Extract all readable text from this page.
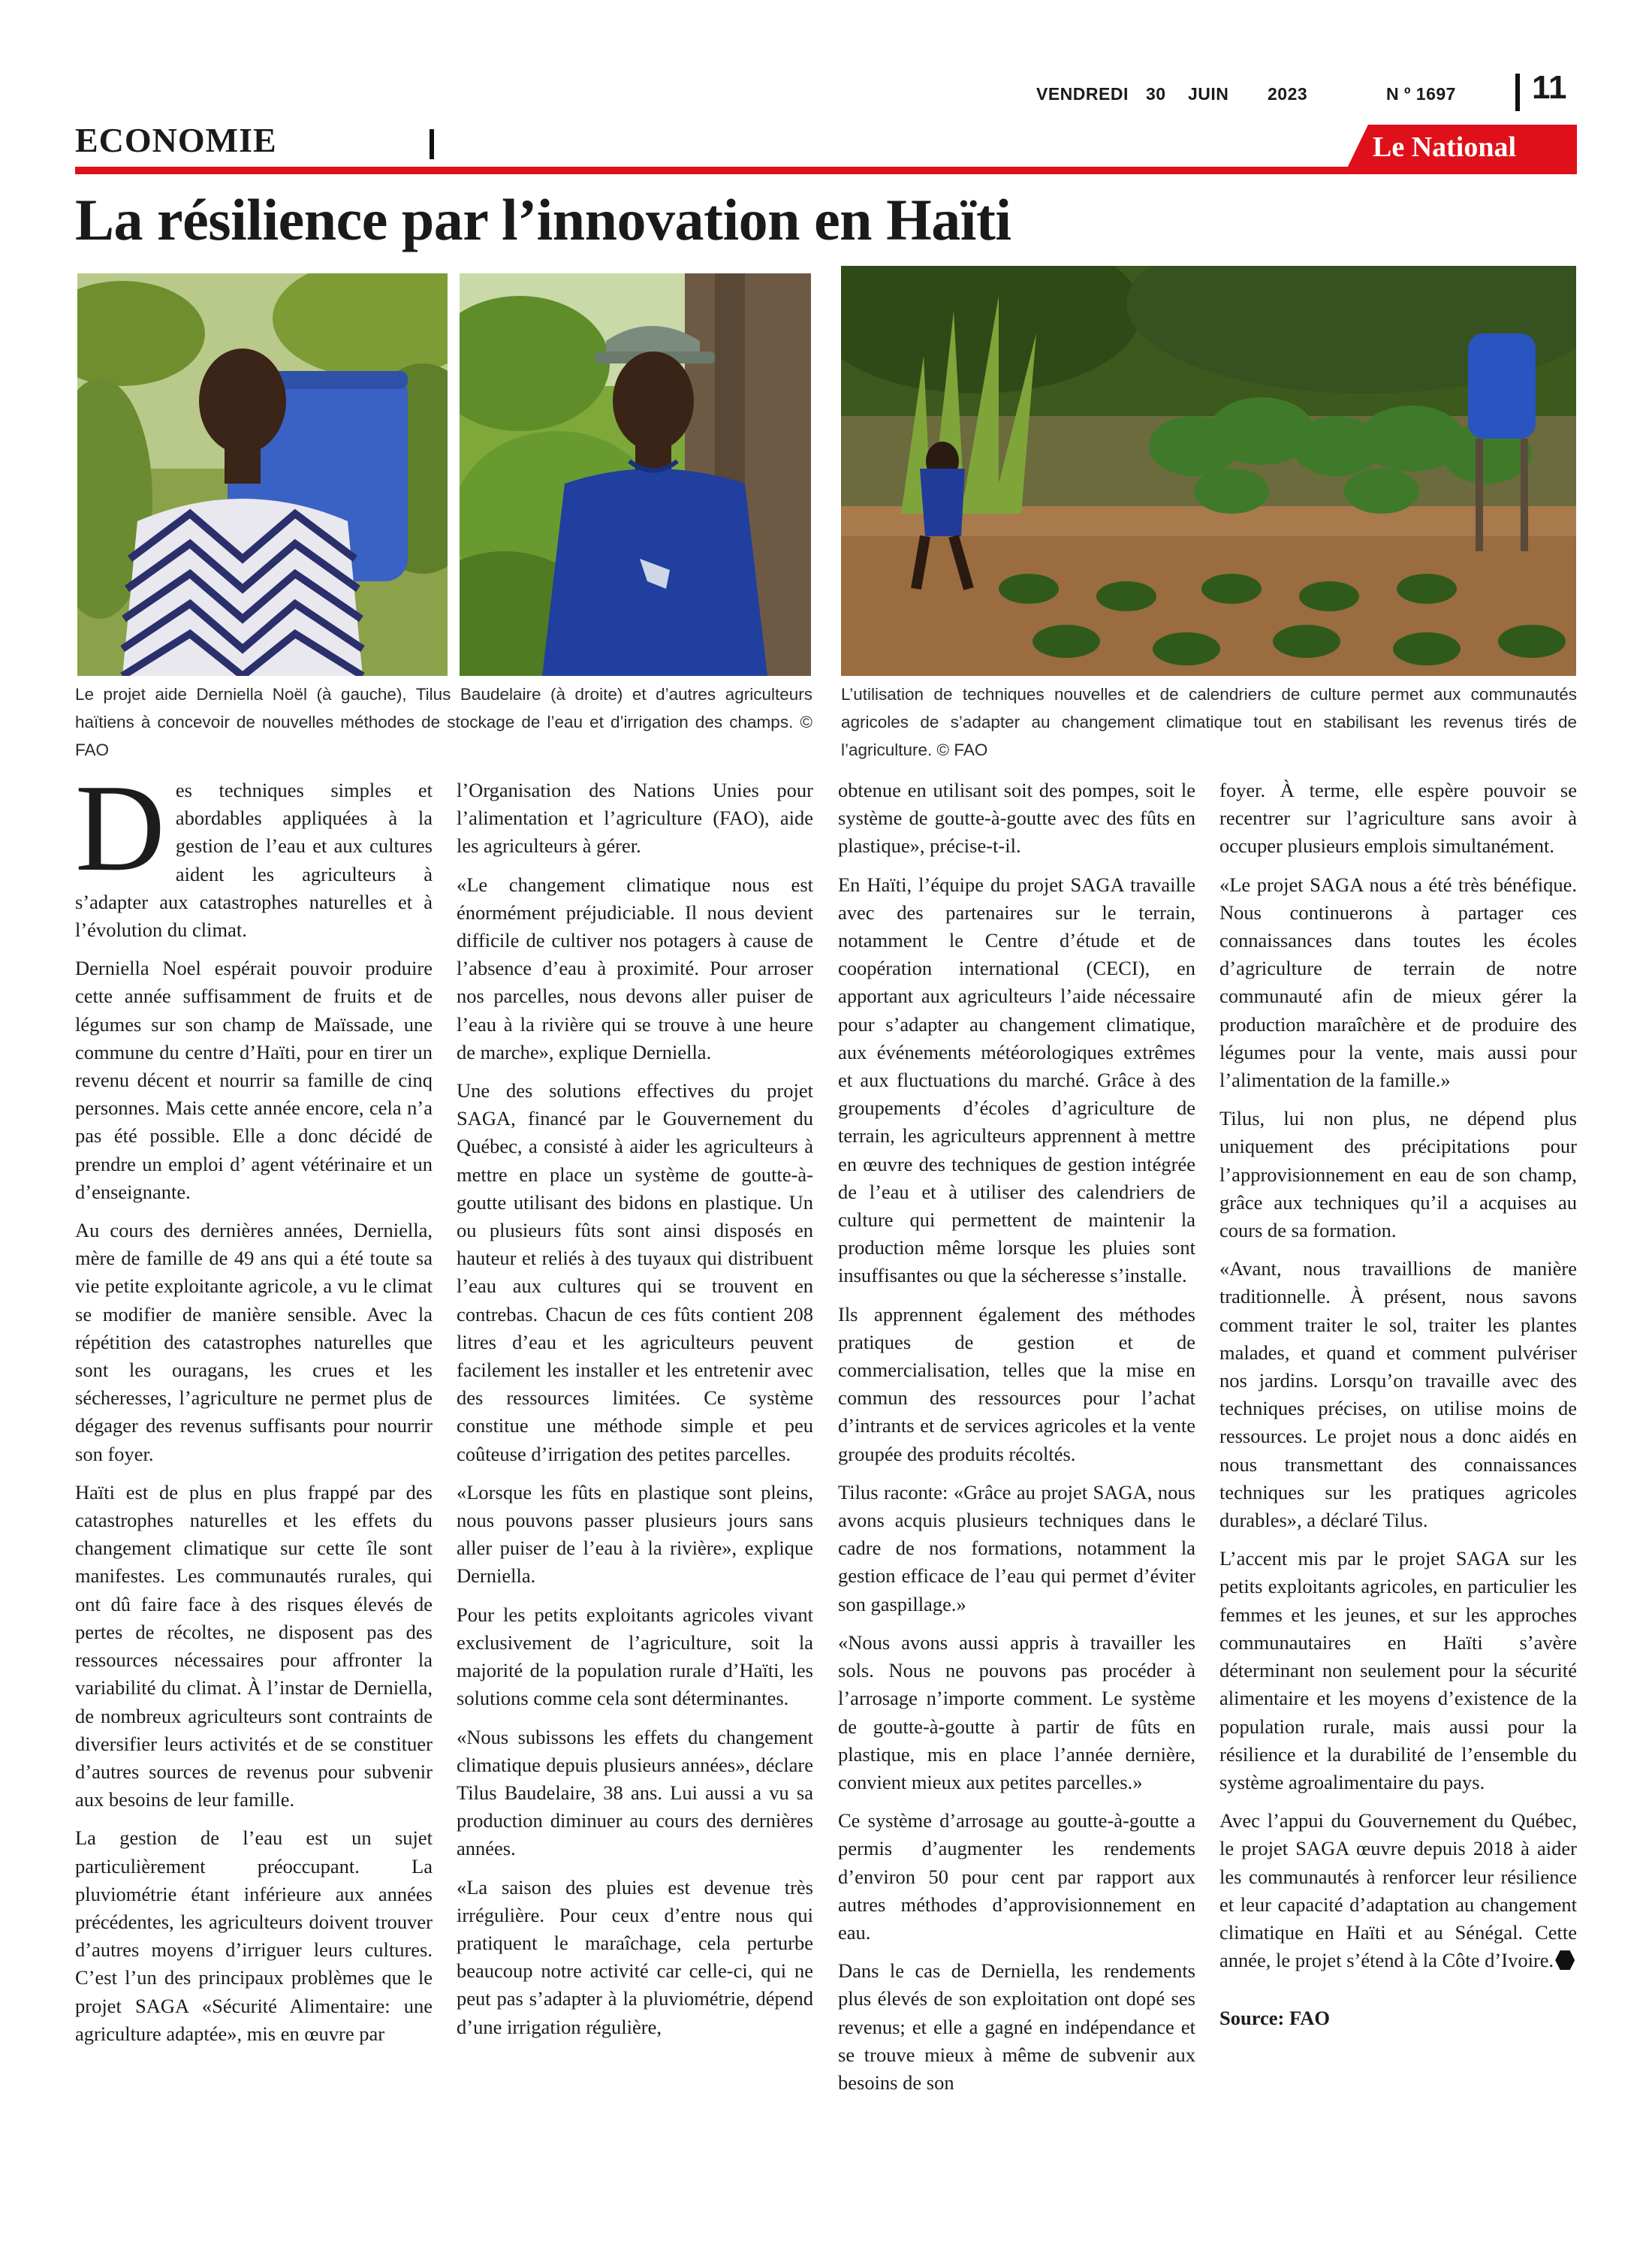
VENDREDI 30 JUIN 2023	N º 1697 11
ECONOMIE	Le National
La résilience par l’innovation en Haïti
Le projet aide Derniella Noël (à gauche), Tilus Baudelaire (à droite) et d’autres agriculteurs haïtiens à concevoir de nouvelles méthodes de stockage de l’eau et d’irrigation des champs. © FAO
L’utilisation de techniques nouvelles et de calendriers de culture permet aux communautés agricoles de s’adapter au changement climatique tout en stabilisant les revenus tirés de l’agriculture. © FAO

Des techniques simples et abordables appliquées à la gestion de l’eau et aux cultures aident les agriculteurs à s’adapter aux catastrophes naturelles et à l’évolution du climat.

Derniella Noel espérait pouvoir produire cette année suffisamment de fruits et de légumes sur son champ de Maïssade, une commune du centre d’Haïti, pour en tirer un revenu décent et nourrir sa famille de cinq personnes. Mais cette année encore, cela n’a pas été possible. Elle a donc décidé de prendre un emploi d’ agent vétérinaire et un d’enseignante.

Au cours des dernières années, Derniella, mère de famille de 49 ans qui a été toute sa vie petite exploitante agricole, a vu le climat se modifier de manière sensible. Avec la répétition des catastrophes naturelles que sont les ouragans, les crues et les sécheresses, l’agriculture ne permet plus de dégager des revenus suffisants pour nourrir son foyer.

Haïti est de plus en plus frappé par des catastrophes naturelles et les effets du changement climatique sur cette île sont manifestes. Les communautés rurales, qui ont dû faire face à des risques élevés de pertes de récoltes, ne disposent pas des ressources nécessaires pour affronter la variabilité du climat. À l’instar de Derniella, de nombreux agriculteurs sont contraints de diversifier leurs activités et de se constituer d’autres sources de revenus pour subvenir aux besoins de leur famille.

La gestion de l’eau est un sujet particulièrement préoccupant. La pluviométrie étant inférieure aux années précédentes, les agriculteurs doivent trouver d’autres moyens d’irriguer leurs cultures. C’est l’un des principaux problèmes que le projet SAGA «Sécurité Alimentaire: une agriculture adaptée», mis en œuvre par

l’Organisation des Nations Unies pour l’alimentation et l’agriculture (FAO), aide les agriculteurs à gérer.

«Le changement climatique nous est énormément préjudiciable. Il nous devient difficile de cultiver nos potagers à cause de l’absence d’eau à proximité. Pour arroser nos parcelles, nous devons aller puiser de l’eau à la rivière qui se trouve à une heure de marche», explique Derniella.

Une des solutions effectives du projet SAGA, financé par le Gouvernement du Québec, a consisté à aider les agriculteurs à mettre en place un système de goutte-à-goutte utilisant des bidons en plastique. Un ou plusieurs fûts sont ainsi disposés en hauteur et reliés à des tuyaux qui distribuent l’eau aux cultures qui se trouvent en contrebas. Chacun de ces fûts contient 208 litres d’eau et les agriculteurs peuvent facilement les installer et les entretenir avec des ressources limitées. Ce système constitue une méthode simple et peu coûteuse d’irrigation des petites parcelles.

«Lorsque les fûts en plastique sont pleins, nous pouvons passer plusieurs jours sans aller puiser de l’eau à la rivière», explique Derniella.

Pour les petits exploitants agricoles vivant exclusivement de l’agriculture, soit la majorité de la population rurale d’Haïti, les solutions comme cela sont déterminantes.

«Nous subissons les effets du changement climatique depuis plusieurs années», déclare Tilus Baudelaire, 38 ans. Lui aussi a vu sa production diminuer au cours des dernières années.

«La saison des pluies est devenue très irrégulière. Pour ceux d’entre nous qui pratiquent le maraîchage, cela perturbe beaucoup notre activité car celle-ci, qui ne peut pas s’adapter à la pluviométrie, dépend d’une irrigation régulière,

obtenue en utilisant soit des pompes, soit le système de goutte-à-goutte avec des fûts en plastique», précise-t-il.

En Haïti, l’équipe du projet SAGA travaille avec des partenaires sur le terrain, notamment le Centre d’étude et de coopération international (CECI), en apportant aux agriculteurs l’aide nécessaire pour s’adapter au changement climatique, aux événements météorologiques extrêmes et aux fluctuations du marché. Grâce à des groupements d’écoles d’agriculture de terrain, les agriculteurs apprennent à mettre en œuvre des techniques de gestion intégrée de l’eau et à utiliser des calendriers de culture qui permettent de maintenir la production même lorsque les pluies sont insuffisantes ou que la sécheresse s’installe.

Ils apprennent également des méthodes pratiques de gestion et de commercialisation, telles que la mise en commun des ressources pour l’achat d’intrants et de services agricoles et la vente groupée des produits récoltés.

Tilus raconte: «Grâce au projet SAGA, nous avons acquis plusieurs techniques dans le cadre de nos formations, notamment la gestion efficace de l’eau qui permet d’éviter son gaspillage.»

«Nous avons aussi appris à travailler les sols. Nous ne pouvons pas procéder à l’arrosage n’importe comment. Le système de goutte-à-goutte à partir de fûts en plastique, mis en place l’année dernière, convient mieux aux petites parcelles.»

Ce système d’arrosage au goutte-à-goutte a permis d’augmenter les rendements d’environ 50 pour cent par rapport aux autres méthodes d’approvisionnement en eau.

Dans le cas de Derniella, les rendements plus élevés de son exploitation ont dopé ses revenus; et elle a gagné en indépendance et se trouve mieux à même de subvenir aux besoins de son

foyer. À terme, elle espère pouvoir se recentrer sur l’agriculture sans avoir à occuper plusieurs emplois simultanément.

«Le projet SAGA nous a été très bénéfique. Nous continuerons à partager ces connaissances dans toutes les écoles d’agriculture de terrain de notre communauté afin de mieux gérer la production maraîchère et de produire des légumes pour la vente, mais aussi pour l’alimentation de la famille.»

Tilus, lui non plus, ne dépend plus uniquement des précipitations pour l’approvisionnement en eau de son champ, grâce aux techniques qu’il a acquises au cours de sa formation.

«Avant, nous travaillions de manière traditionnelle. À présent, nous savons comment traiter le sol, traiter les plantes malades, et quand et comment pulvériser nos jardins. Lorsqu’on travaille avec des techniques précises, on utilise moins de ressources. Le projet nous a donc aidés en nous transmettant des connaissances techniques sur les pratiques agricoles durables», a déclaré Tilus.

L’accent mis par le projet SAGA sur les petits exploitants agricoles, en particulier les femmes et les jeunes, et sur les approches communautaires en Haïti s’avère déterminant non seulement pour la sécurité alimentaire et les moyens d’existence de la population rurale, mais aussi pour la résilience et la durabilité de l’ensemble du système agroalimentaire du pays.

Avec l’appui du Gouvernement du Québec, le projet SAGA œuvre depuis 2018 à aider les communautés à renforcer leur résilience et leur capacité d’adaptation au changement climatique en Haïti et au Sénégal. Cette année, le projet s’étend à la Côte d’Ivoire.

Source: FAO
